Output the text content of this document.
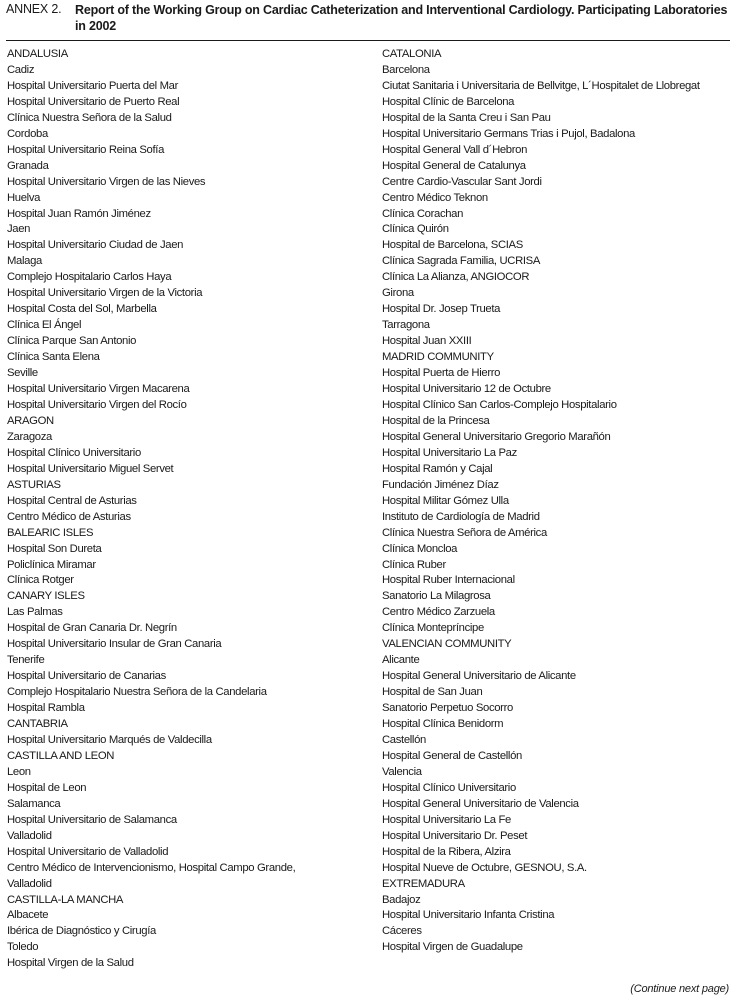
ANNEX 2. Report of the Working Group on Cardiac Catheterization and Interventional Cardiology. Participating Laboratories in 2002
ANDALUSIA
Cadiz
Hospital Universitario Puerta del Mar
Hospital Universitario de Puerto Real
Clínica Nuestra Señora de la Salud
Cordoba
Hospital Universitario Reina Sofía
Granada
Hospital Universitario Virgen de las Nieves
Huelva
Hospital Juan Ramón Jiménez
Jaen
Hospital Universitario Ciudad de Jaen
Malaga
Complejo Hospitalario Carlos Haya
Hospital Universitario Virgen de la Victoria
Hospital Costa del Sol, Marbella
Clínica El Ángel
Clínica Parque San Antonio
Clínica Santa Elena
Seville
Hospital Universitario Virgen Macarena
Hospital Universitario Virgen del Rocío
ARAGON
Zaragoza
Hospital Clínico Universitario
Hospital Universitario Miguel Servet
ASTURIAS
Hospital Central de Asturias
Centro Médico de Asturias
BALEARIC ISLES
Hospital Son Dureta
Policlínica Miramar
Clínica Rotger
CANARY ISLES
Las Palmas
Hospital de Gran Canaria Dr. Negrín
Hospital Universitario Insular de Gran Canaria
Tenerife
Hospital Universitario de Canarias
Complejo Hospitalario Nuestra Señora de la Candelaria
Hospital Rambla
CANTABRIA
Hospital Universitario Marqués de Valdecilla
CASTILLA AND LEON
Leon
Hospital de Leon
Salamanca
Hospital Universitario de Salamanca
Valladolid
Hospital Universitario de Valladolid
Centro Médico de Intervencionismo, Hospital Campo Grande,
Valladolid
CASTILLA-LA MANCHA
Albacete
Ibérica de Diagnóstico y Cirugía
Toledo
Hospital Virgen de la Salud
CATALONIA
Barcelona
Ciutat Sanitaria i Universitaria de Bellvitge, L´Hospitalet de Llobregat
Hospital Clínic de Barcelona
Hospital de la Santa Creu i San Pau
Hospital Universitario Germans Trias i Pujol, Badalona
Hospital General Vall d´Hebron
Hospital General de Catalunya
Centre Cardio-Vascular Sant Jordi
Centro Médico Teknon
Clínica Corachan
Clínica Quirón
Hospital de Barcelona, SCIAS
Clínica Sagrada Familia, UCRISA
Clínica La Alianza, ANGIOCOR
Girona
Hospital Dr. Josep Trueta
Tarragona
Hospital Juan XXIII
MADRID COMMUNITY
Hospital Puerta de Hierro
Hospital Universitario 12 de Octubre
Hospital Clínico San Carlos-Complejo Hospitalario
Hospital de la Princesa
Hospital General Universitario Gregorio Marañón
Hospital Universitario La Paz
Hospital Ramón y Cajal
Fundación Jiménez Díaz
Hospital Militar Gómez Ulla
Instituto de Cardiología de Madrid
Clínica Nuestra Señora de América
Clínica Moncloa
Clínica Ruber
Hospital Ruber Internacional
Sanatorio La Milagrosa
Centro Médico Zarzuela
Clínica Montepríncipe
VALENCIAN COMMUNITY
Alicante
Hospital General Universitario de Alicante
Hospital de San Juan
Sanatorio Perpetuo Socorro
Hospital Clínica Benidorm
Castellón
Hospital General de Castellón
Valencia
Hospital Clínico Universitario
Hospital General Universitario de Valencia
Hospital Universitario La Fe
Hospital Universitario Dr. Peset
Hospital de la Ribera, Alzira
Hospital Nueve de Octubre, GESNOU, S.A.
EXTREMADURA
Badajoz
Hospital Universitario Infanta Cristina
Cáceres
Hospital Virgen de Guadalupe
(Continue next page)
